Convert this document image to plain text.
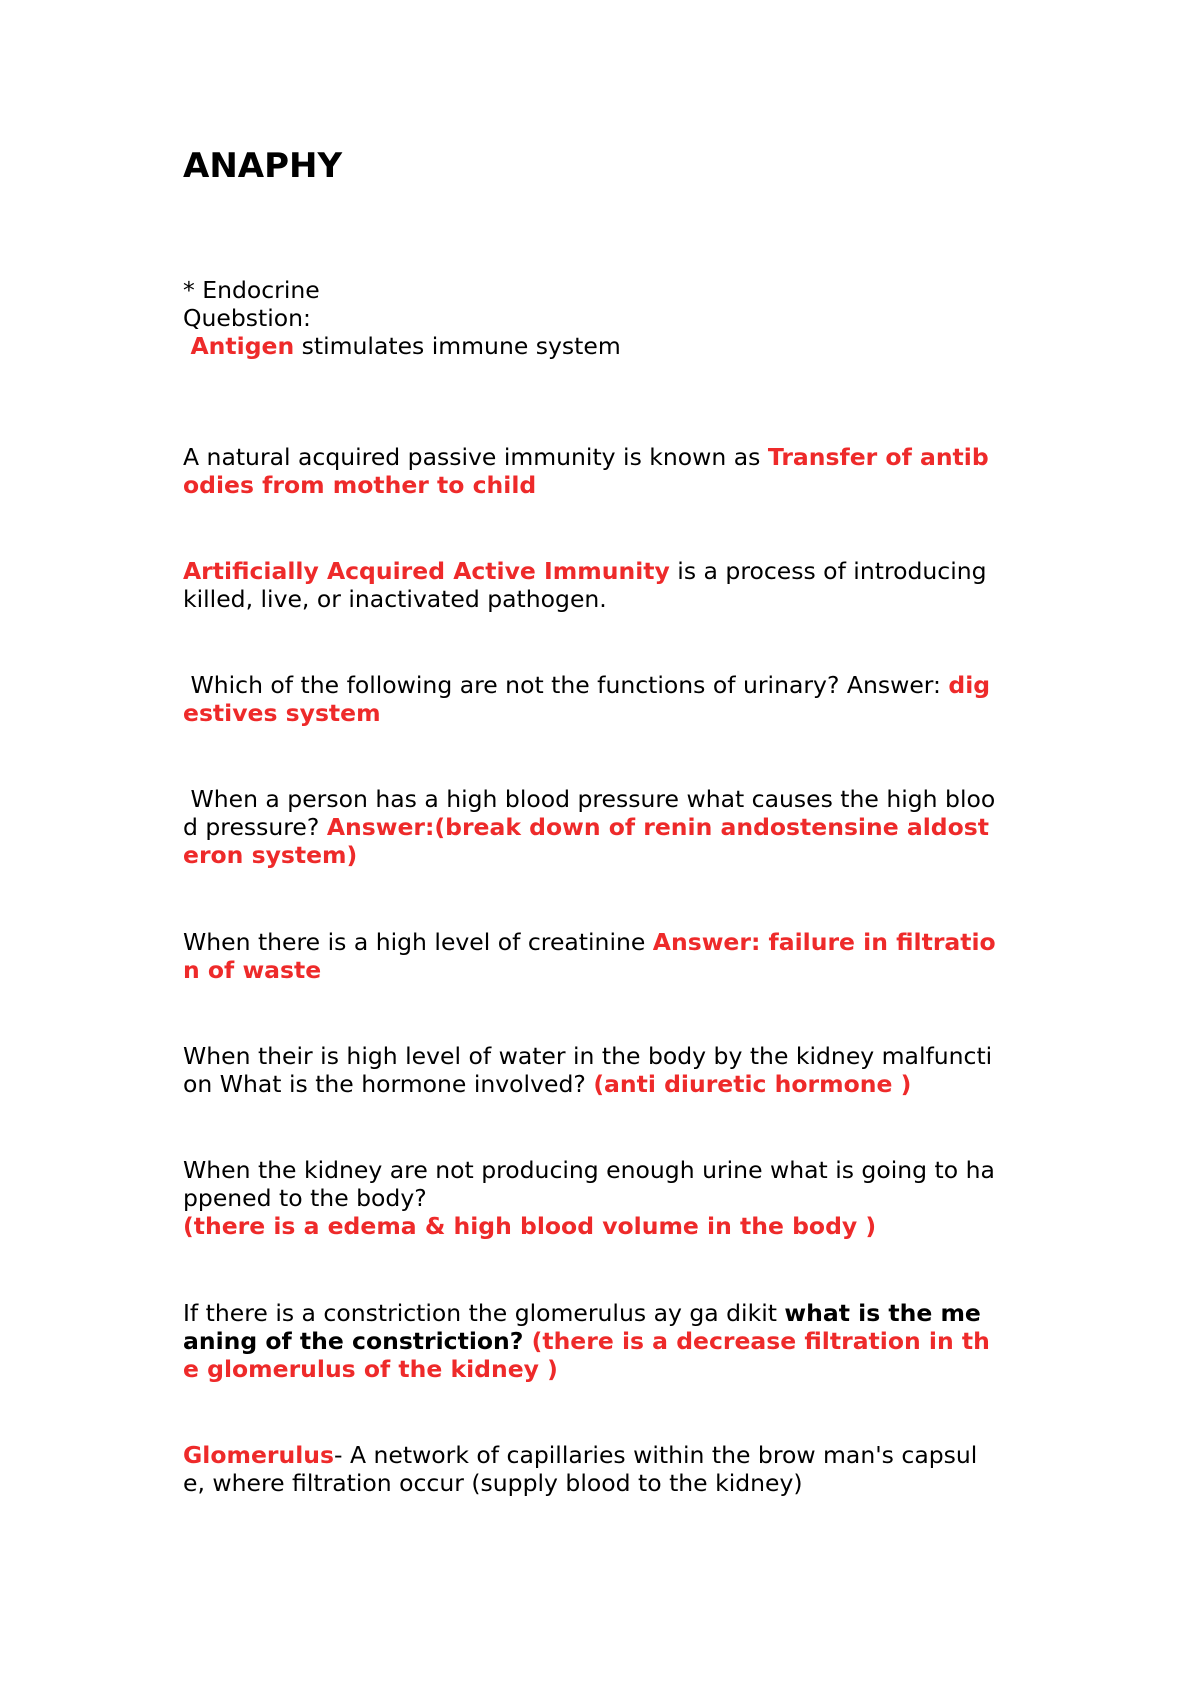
ANAPHY

* Endocrine
Quebstion:
Antigen stimulates immune system

A natural acquired passive immunity is known as Transfer of antib
odies from mother to child

Artificially Acquired Active Immunity is a process of introducing
killed, live, or inactivated pathogen.

Which of the following are not the functions of urinary? Answer: dig
estives system

When a person has a high blood pressure what causes the high bloo
d pressure? Answer:(break down of renin andostensine aldost
eron system)

When there is a high level of creatinine Answer: failure in filtratio
n of waste

When their is high level of water in the body by the kidney malfuncti
on What is the hormone involved? (anti diuretic hormone )

When the kidney are not producing enough urine what is going to ha
ppened to the body?
(there is a edema & high blood volume in the body )

If there is a constriction the glomerulus ay ga dikit what is the me
aning of the constriction? (there is a decrease filtration in th
e glomerulus of the kidney )

Glomerulus- A network of capillaries within the brow man's capsul
e, where filtration occur (supply blood to the kidney)
